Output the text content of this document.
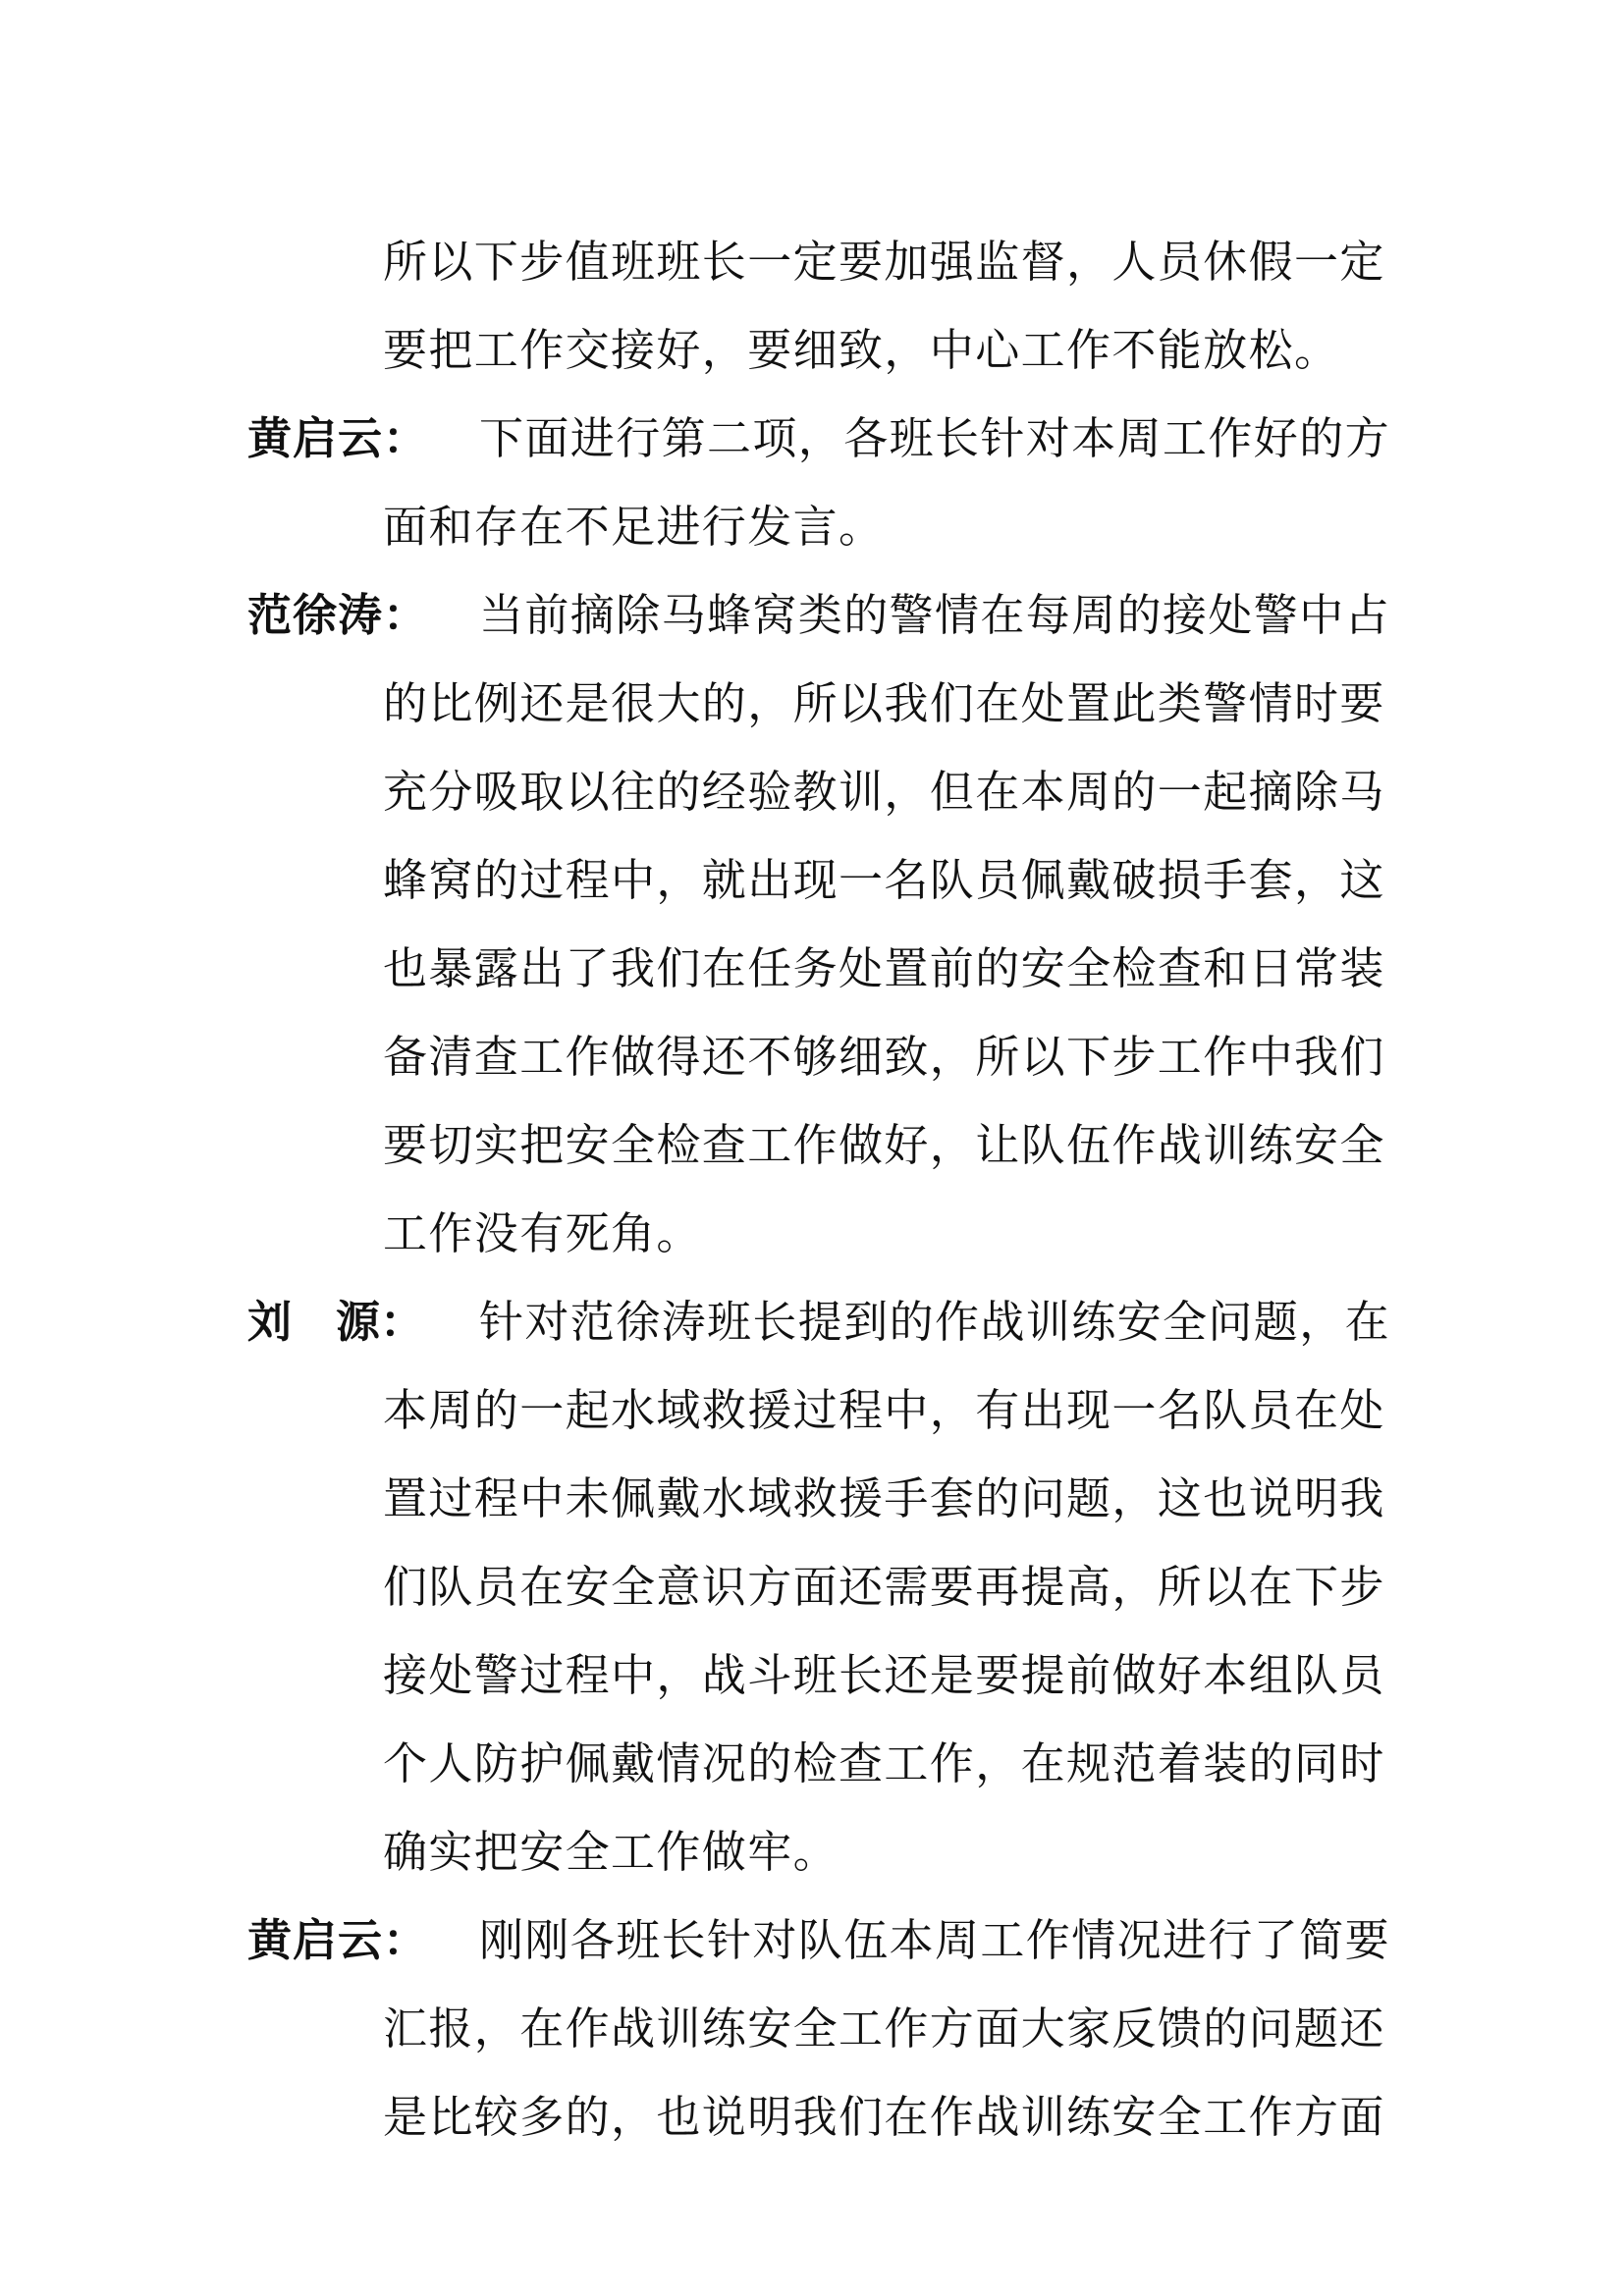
所以下步值班班长一定要加强监督，人员休假一定
要把工作交接好，要细致，中心工作不能放松。
黄启云： 下面进行第二项，各班长针对本周工作好的方
面和存在不足进行发言。
范徐涛： 当前摘除马蜂窝类的警情在每周的接处警中占
的比例还是很大的，所以我们在处置此类警情时要
充分吸取以往的经验教训，但在本周的一起摘除马
蜂窝的过程中，就出现一名队员佩戴破损手套，这
也暴露出了我们在任务处置前的安全检查和日常装
备清查工作做得还不够细致，所以下步工作中我们
要切实把安全检查工作做好，让队伍作战训练安全
工作没有死角。
刘 源： 针对范徐涛班长提到的作战训练安全问题，在
本周的一起水域救援过程中，有出现一名队员在处
置过程中未佩戴水域救援手套的问题，这也说明我
们队员在安全意识方面还需要再提高，所以在下步
接处警过程中，战斗班长还是要提前做好本组队员
个人防护佩戴情况的检查工作，在规范着装的同时
确实把安全工作做牢。
黄启云： 刚刚各班长针对队伍本周工作情况进行了简要
汇报，在作战训练安全工作方面大家反馈的问题还
是比较多的，也说明我们在作战训练安全工作方面
